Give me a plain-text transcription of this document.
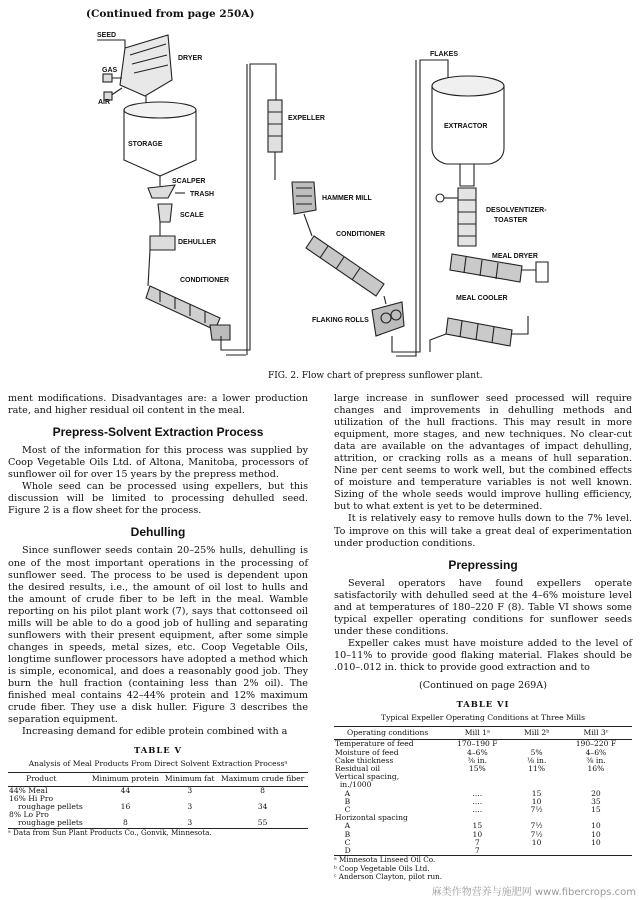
(Continued from page 250A)
SEED
DRYER
GAS
AIR
STORAGE
SCALPER
TRASH
SCALE
DEHULLER
CONDITIONER
EXPELLER
HAMMER MILL
CONDITIONER
FLAKING ROLLS
FLAKES
EXTRACTOR
DESOLVENTIZER-
TOASTER
MEAL DRYER
MEAL COOLER
FIG. 2. Flow chart of prepress sunflower plant.

ment modifications. Disadvantages are: a lower production rate, and higher residual oil content in the meal.

Prepress-Solvent Extraction Process

Most of the information for this process was supplied by Coop Vegetable Oils Ltd. of Altona, Manitoba, processors of sunflower oil for over 15 years by the prepress method.

Whole seed can be processed using expellers, but this discussion will be limited to processing dehulled seed. Figure 2 is a flow sheet for the process.

Dehulling

Since sunflower seeds contain 20–25% hulls, dehulling is one of the most important operations in the processing of sunflower seed. The process to be used is dependent upon the desired results, i.e., the amount of oil lost to hulls and the amount of crude fiber to be left in the meal. Wamble reporting on his pilot plant work (7), says that cottonseed oil mills will be able to do a good job of hulling and separating sunflowers with their present equipment, after some simple changes in speeds, metal sizes, etc. Coop Vegetable Oils, longtime sunflower processors have adopted a method which is simple, economical, and does a reasonably good job. They burn the hull fraction (containing less than 2% oil). The finished meal contains 42–44% protein and 12% maximum crude fiber. They use a disk huller. Figure 3 describes the separation equipment.

Increasing demand for edible protein combined with a

TABLE V
Analysis of Meal Products From Direct Solvent Extraction Processᵃ
Product	Minimum protein	Minimum fat	Maximum crude fiber
44% Meal	44	3	8
16% Hi Pro			
roughage pellets	16	3	34
8% Lo Pro			
roughage pellets	8	3	55
ᵃ Data from Sun Plant Products Co., Gonvik, Minnesota.

large increase in sunflower seed processed will require changes and improvements in dehulling methods and utilization of the hull fractions. This may result in more equipment, more stages, and new techniques. No clear-cut data are available on the advantages of impact dehulling, attrition, or cracking rolls as a means of hull separation. Nine per cent seems to work well, but the combined effects of moisture and temperature variables is not well known. Sizing of the whole seeds would improve hulling efficiency, but to what extent is yet to be determined.

It is relatively easy to remove hulls down to the 7% level. To improve on this will take a great deal of experimentation under production conditions.

Prepressing

Several operators have found expellers operate satisfactorily with dehulled seed at the 4–6% moisture level and at temperatures of 180–220 F (8). Table VI shows some typical expeller operating conditions for sunflower seeds under these conditions.

Expeller cakes must have moisture added to the level of 10–11% to provide good flaking material. Flakes should be .010–.012 in. thick to provide good extraction and to

(Continued on page 269A)
TABLE VI
Typical Expeller Operating Conditions at Three Mills
Operating conditions	Mill 1ᵃ	Mill 2ᵇ	Mill 3ᶜ
Temperature of feed	170–190 F		190–220 F
Moisture of feed	4–6%	5%	4–6%
Cake thickness	⅜ in.	⅛ in.	⅜ in.
Residual oil	15%	11%	16%
Vertical spacing,			
in./1000			
A	....	15	20
B	....	10	35
C	....	7½	15
Horizontal spacing			
A	15	7½	10
B	10	7½	10
C	7	10	10
D	7		
ᵃ Minnesota Linseed Oil Co.
ᵇ Coop Vegetable Oils Ltd.
ᶜ Anderson Clayton, pilot run.
麻类作物营养与施肥网 www.fibercrops.com
